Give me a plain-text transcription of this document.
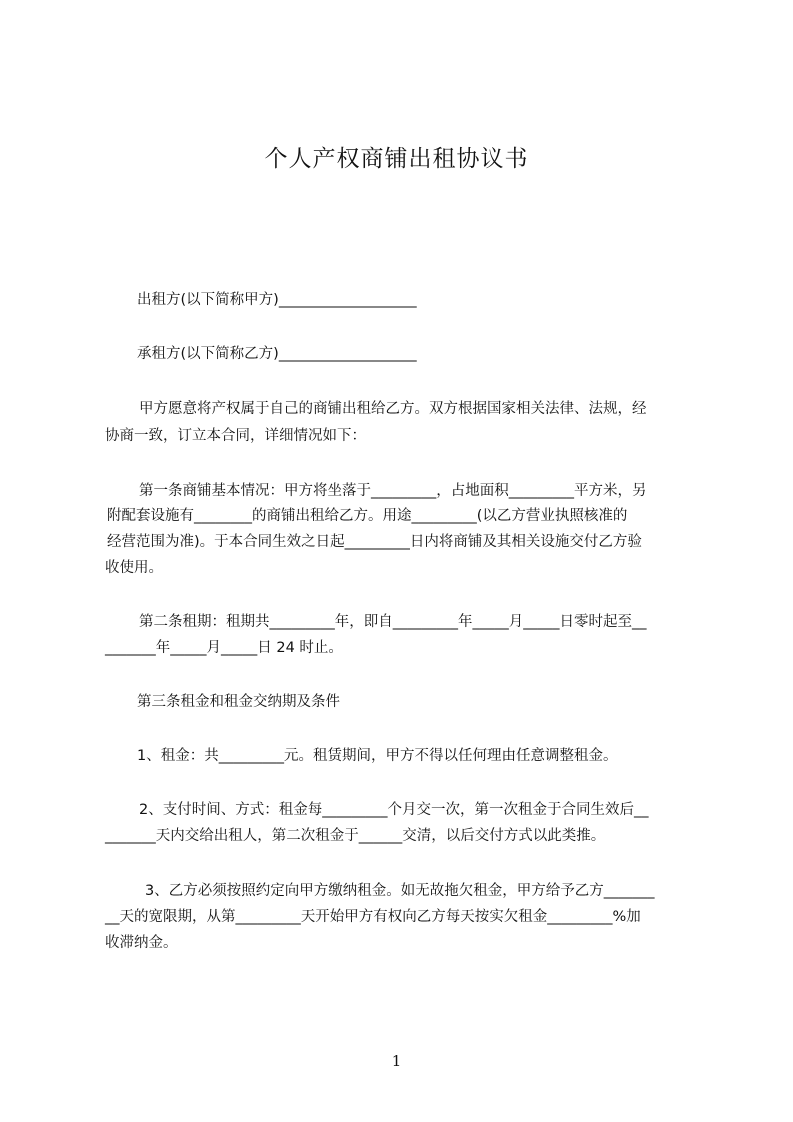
个人产权商铺出租协议书
出租方(以下简称甲方)___________________
承租方(以下简称乙方)___________________
甲方愿意将产权属于自己的商铺出租给乙方。双方根据国家相关法律、法规，经
协商一致，订立本合同，详细情况如下：
第一条商铺基本情况：甲方将坐落于_________，占地面积_________平方米，另
附配套设施有________的商铺出租给乙方。用途_________(以乙方营业执照核准的
经营范围为准)。于本合同生效之日起_________日内将商铺及其相关设施交付乙方验
收使用。
第二条租期：租期共_________年，即自_________年_____月_____日零时起至__
_______年_____月_____日 24 时止。
第三条租金和租金交纳期及条件
1、租金：共_________元。租赁期间，甲方不得以任何理由任意调整租金。
2、支付时间、方式：租金每_________个月交一次，第一次租金于合同生效后__
_______天内交给出租人，第二次租金于______交清，以后交付方式以此类推。
3、乙方必须按照约定向甲方缴纳租金。如无故拖欠租金，甲方给予乙方_______
__天的宽限期，从第_________天开始甲方有权向乙方每天按实欠租金_________%加
收滞纳金。
1
